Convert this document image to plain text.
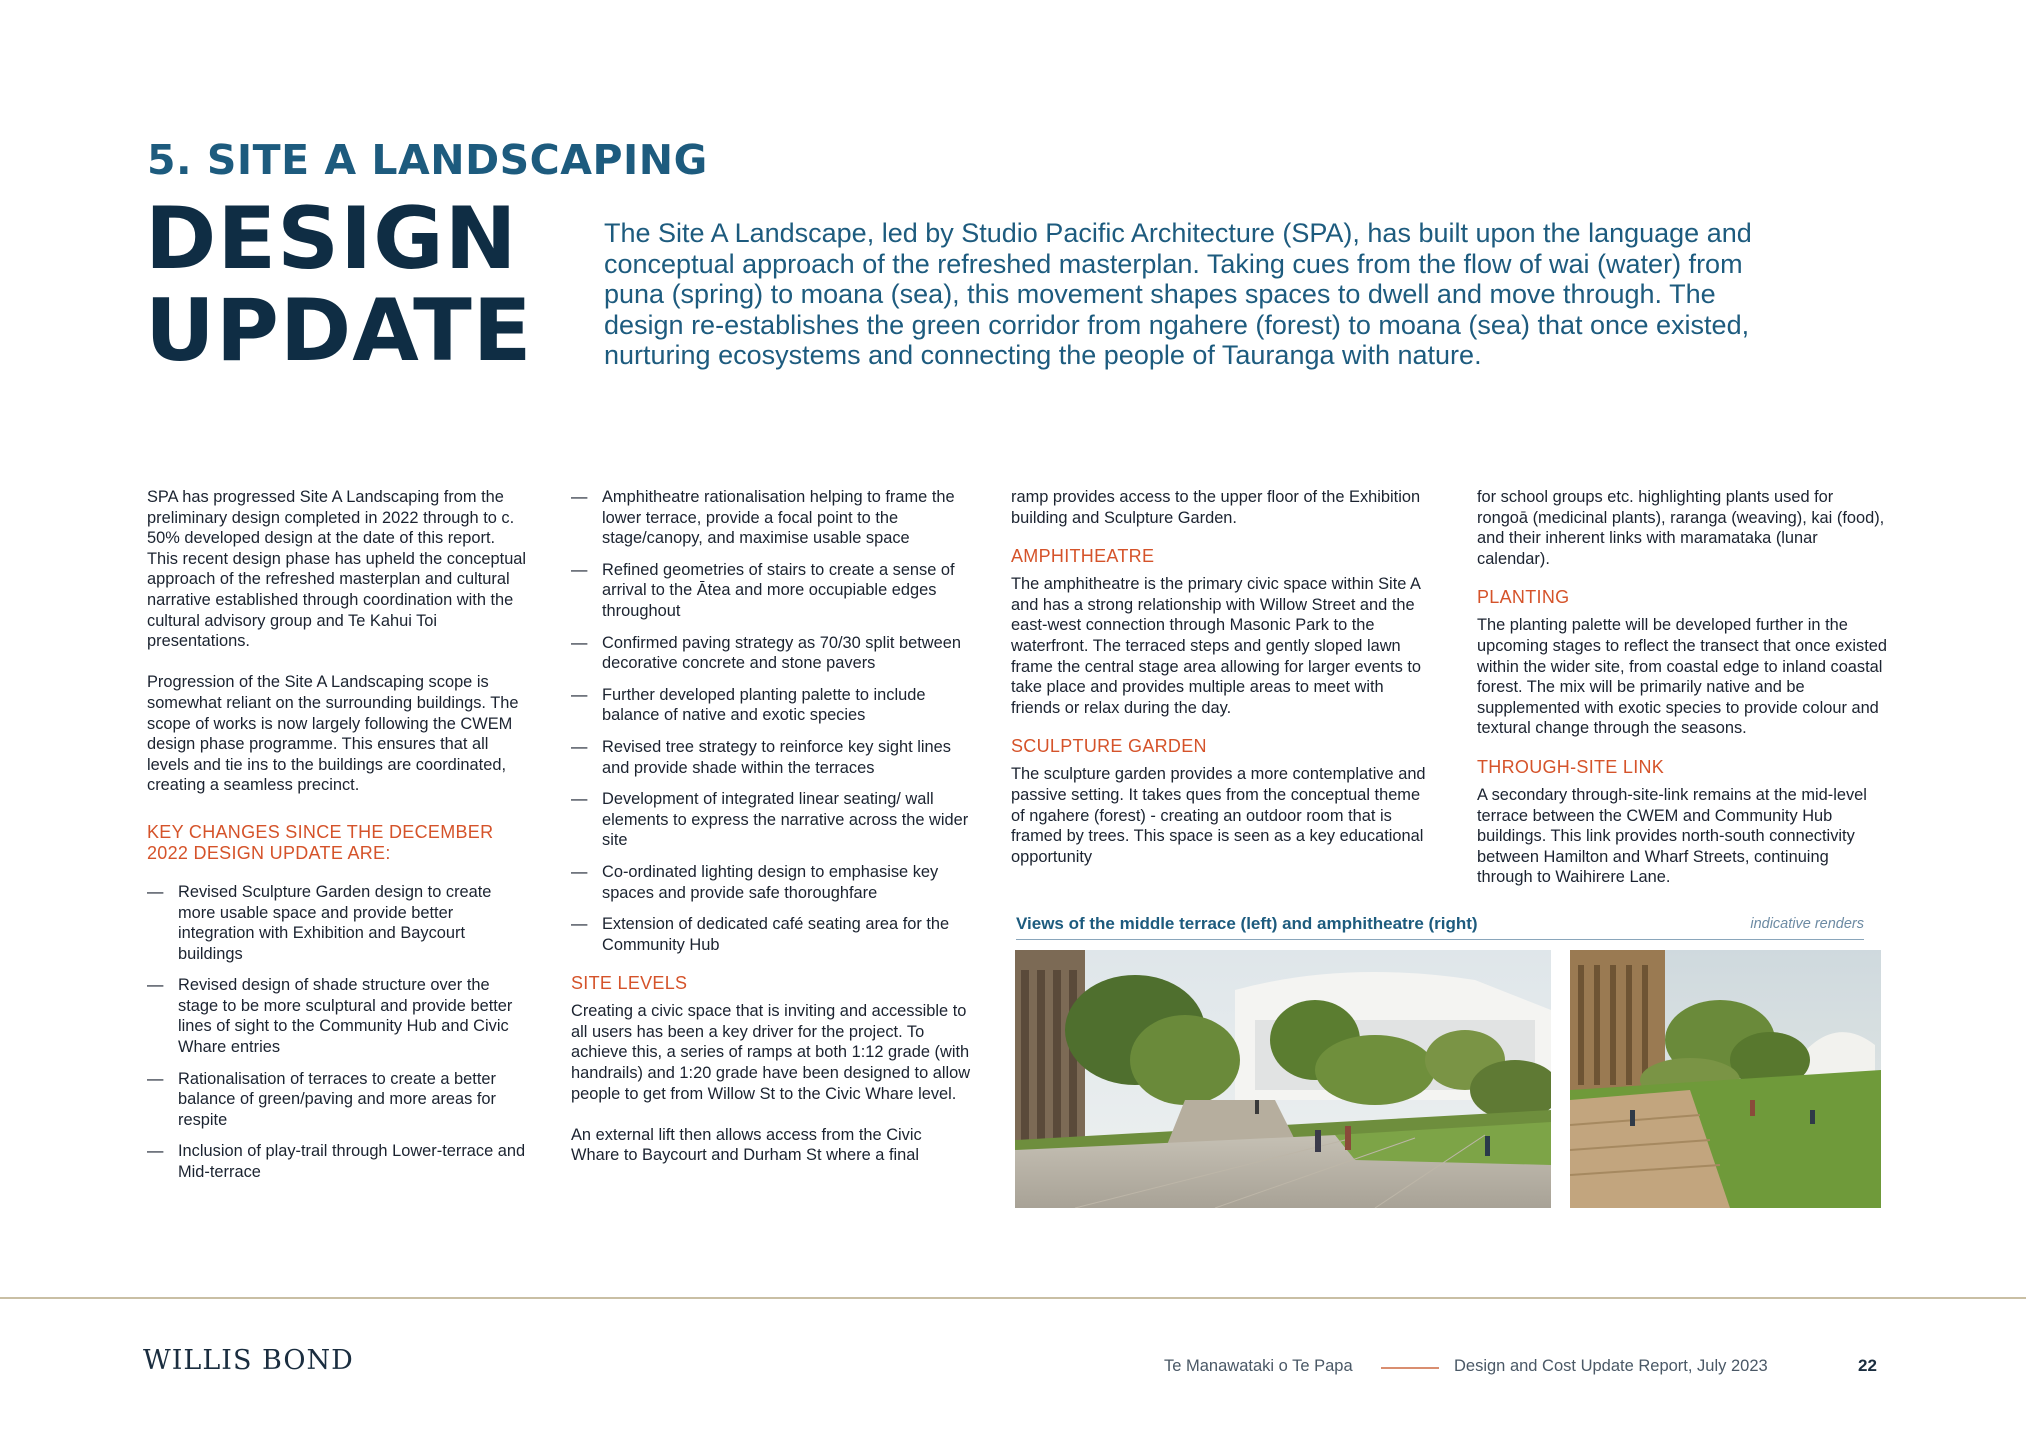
5. SITE A LANDSCAPING
DESIGN
UPDATE
The Site A Landscape, led by Studio Pacific Architecture (SPA), has built upon the language and conceptual approach of the refreshed masterplan. Taking cues from the flow of wai (water) from puna (spring) to moana (sea), this movement shapes spaces to dwell and move through. The design re-establishes the green corridor from ngahere (forest) to moana (sea) that once existed, nurturing ecosystems and connecting the people of Tauranga with nature.

SPA has progressed Site A Landscaping from the preliminary design completed in 2022 through to c. 50% developed design at the date of this report. This recent design phase has upheld the conceptual approach of the refreshed masterplan and cultural narrative established through coordination with the cultural advisory group and Te Kahui Toi presentations.

Progression of the Site A Landscaping scope is somewhat reliant on the surrounding buildings. The scope of works is now largely following the CWEM design phase programme. This ensures that all levels and tie ins to the buildings are coordinated, creating a seamless precinct.

KEY CHANGES SINCE THE DECEMBER 2022 DESIGN UPDATE ARE:
— Revised Sculpture Garden design to create more usable space and provide better integration with Exhibition and Baycourt buildings
— Revised design of shade structure over the stage to be more sculptural and provide better lines of sight to the Community Hub and Civic Whare entries
— Rationalisation of terraces to create a better balance of green/paving and more areas for respite
— Inclusion of play-trail through Lower-terrace and Mid-terrace
— Amphitheatre rationalisation helping to frame the lower terrace, provide a focal point to the stage/canopy, and maximise usable space
— Refined geometries of stairs to create a sense of arrival to the Ātea and more occupiable edges throughout
— Confirmed paving strategy as 70/30 split between decorative concrete and stone pavers
— Further developed planting palette to include balance of native and exotic species
— Revised tree strategy to reinforce key sight lines and provide shade within the terraces
— Development of integrated linear seating/ wall elements to express the narrative across the wider site
— Co-ordinated lighting design to emphasise key spaces and provide safe thoroughfare
— Extension of dedicated café seating area for the Community Hub
SITE LEVELS

Creating a civic space that is inviting and accessible to all users has been a key driver for the project. To achieve this, a series of ramps at both 1:12 grade (with handrails) and 1:20 grade have been designed to allow people to get from Willow St to the Civic Whare level.

An external lift then allows access from the Civic Whare to Baycourt and Durham St where a final

ramp provides access to the upper floor of the Exhibition building and Sculpture Garden.

AMPHITHEATRE

The amphitheatre is the primary civic space within Site A and has a strong relationship with Willow Street and the east-west connection through Masonic Park to the waterfront. The terraced steps and gently sloped lawn frame the central stage area allowing for larger events to take place and provides multiple areas to meet with friends or relax during the day.

SCULPTURE GARDEN

The sculpture garden provides a more contemplative and passive setting. It takes ques from the conceptual theme of ngahere (forest) - creating an outdoor room that is framed by trees. This space is seen as a key educational opportunity

for school groups etc. highlighting plants used for rongoā (medicinal plants), raranga (weaving), kai (food), and their inherent links with maramataka (lunar calendar).

PLANTING

The planting palette will be developed further in the upcoming stages to reflect the transect that once existed within the wider site, from coastal edge to inland coastal forest. The mix will be primarily native and be supplemented with exotic species to provide colour and textural change through the seasons.

THROUGH-SITE LINK

A secondary through-site-link remains at the mid-level terrace between the CWEM and Community Hub buildings. This link provides north-south connectivity between Hamilton and Wharf Streets, continuing through to Waihirere Lane.

Views of the middle terrace (left) and amphitheatre (right)	indicative renders
WILLIS BOND	Te Manawataki o Te Papa	Design and Cost Update Report, July 2023	22
